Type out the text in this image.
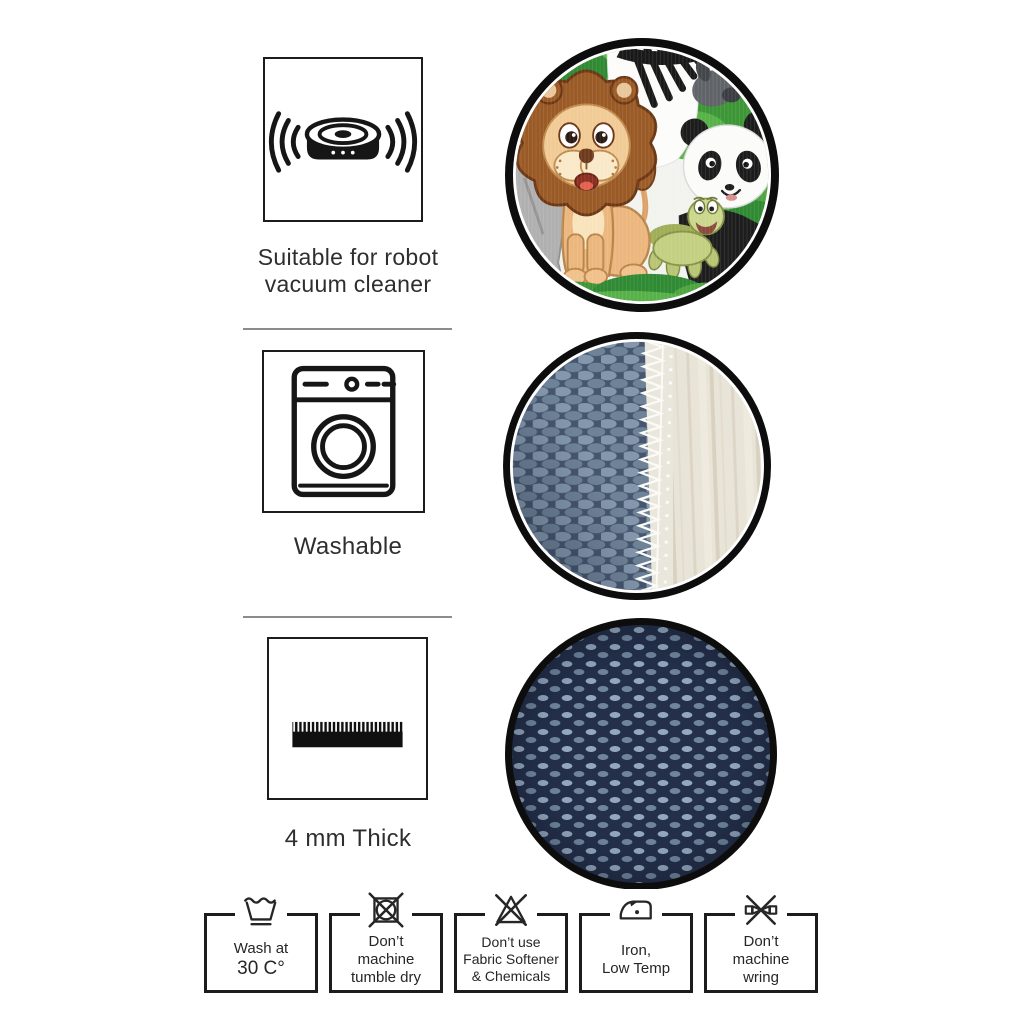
Suitable for robot
vacuum cleaner
Washable
4 mm Thick
Wash at
30 C°
Don’t
machine
tumble dry
Don’t use
Fabric Softener
& Chemicals
Iron,
Low Temp
Don’t
machine
wring
